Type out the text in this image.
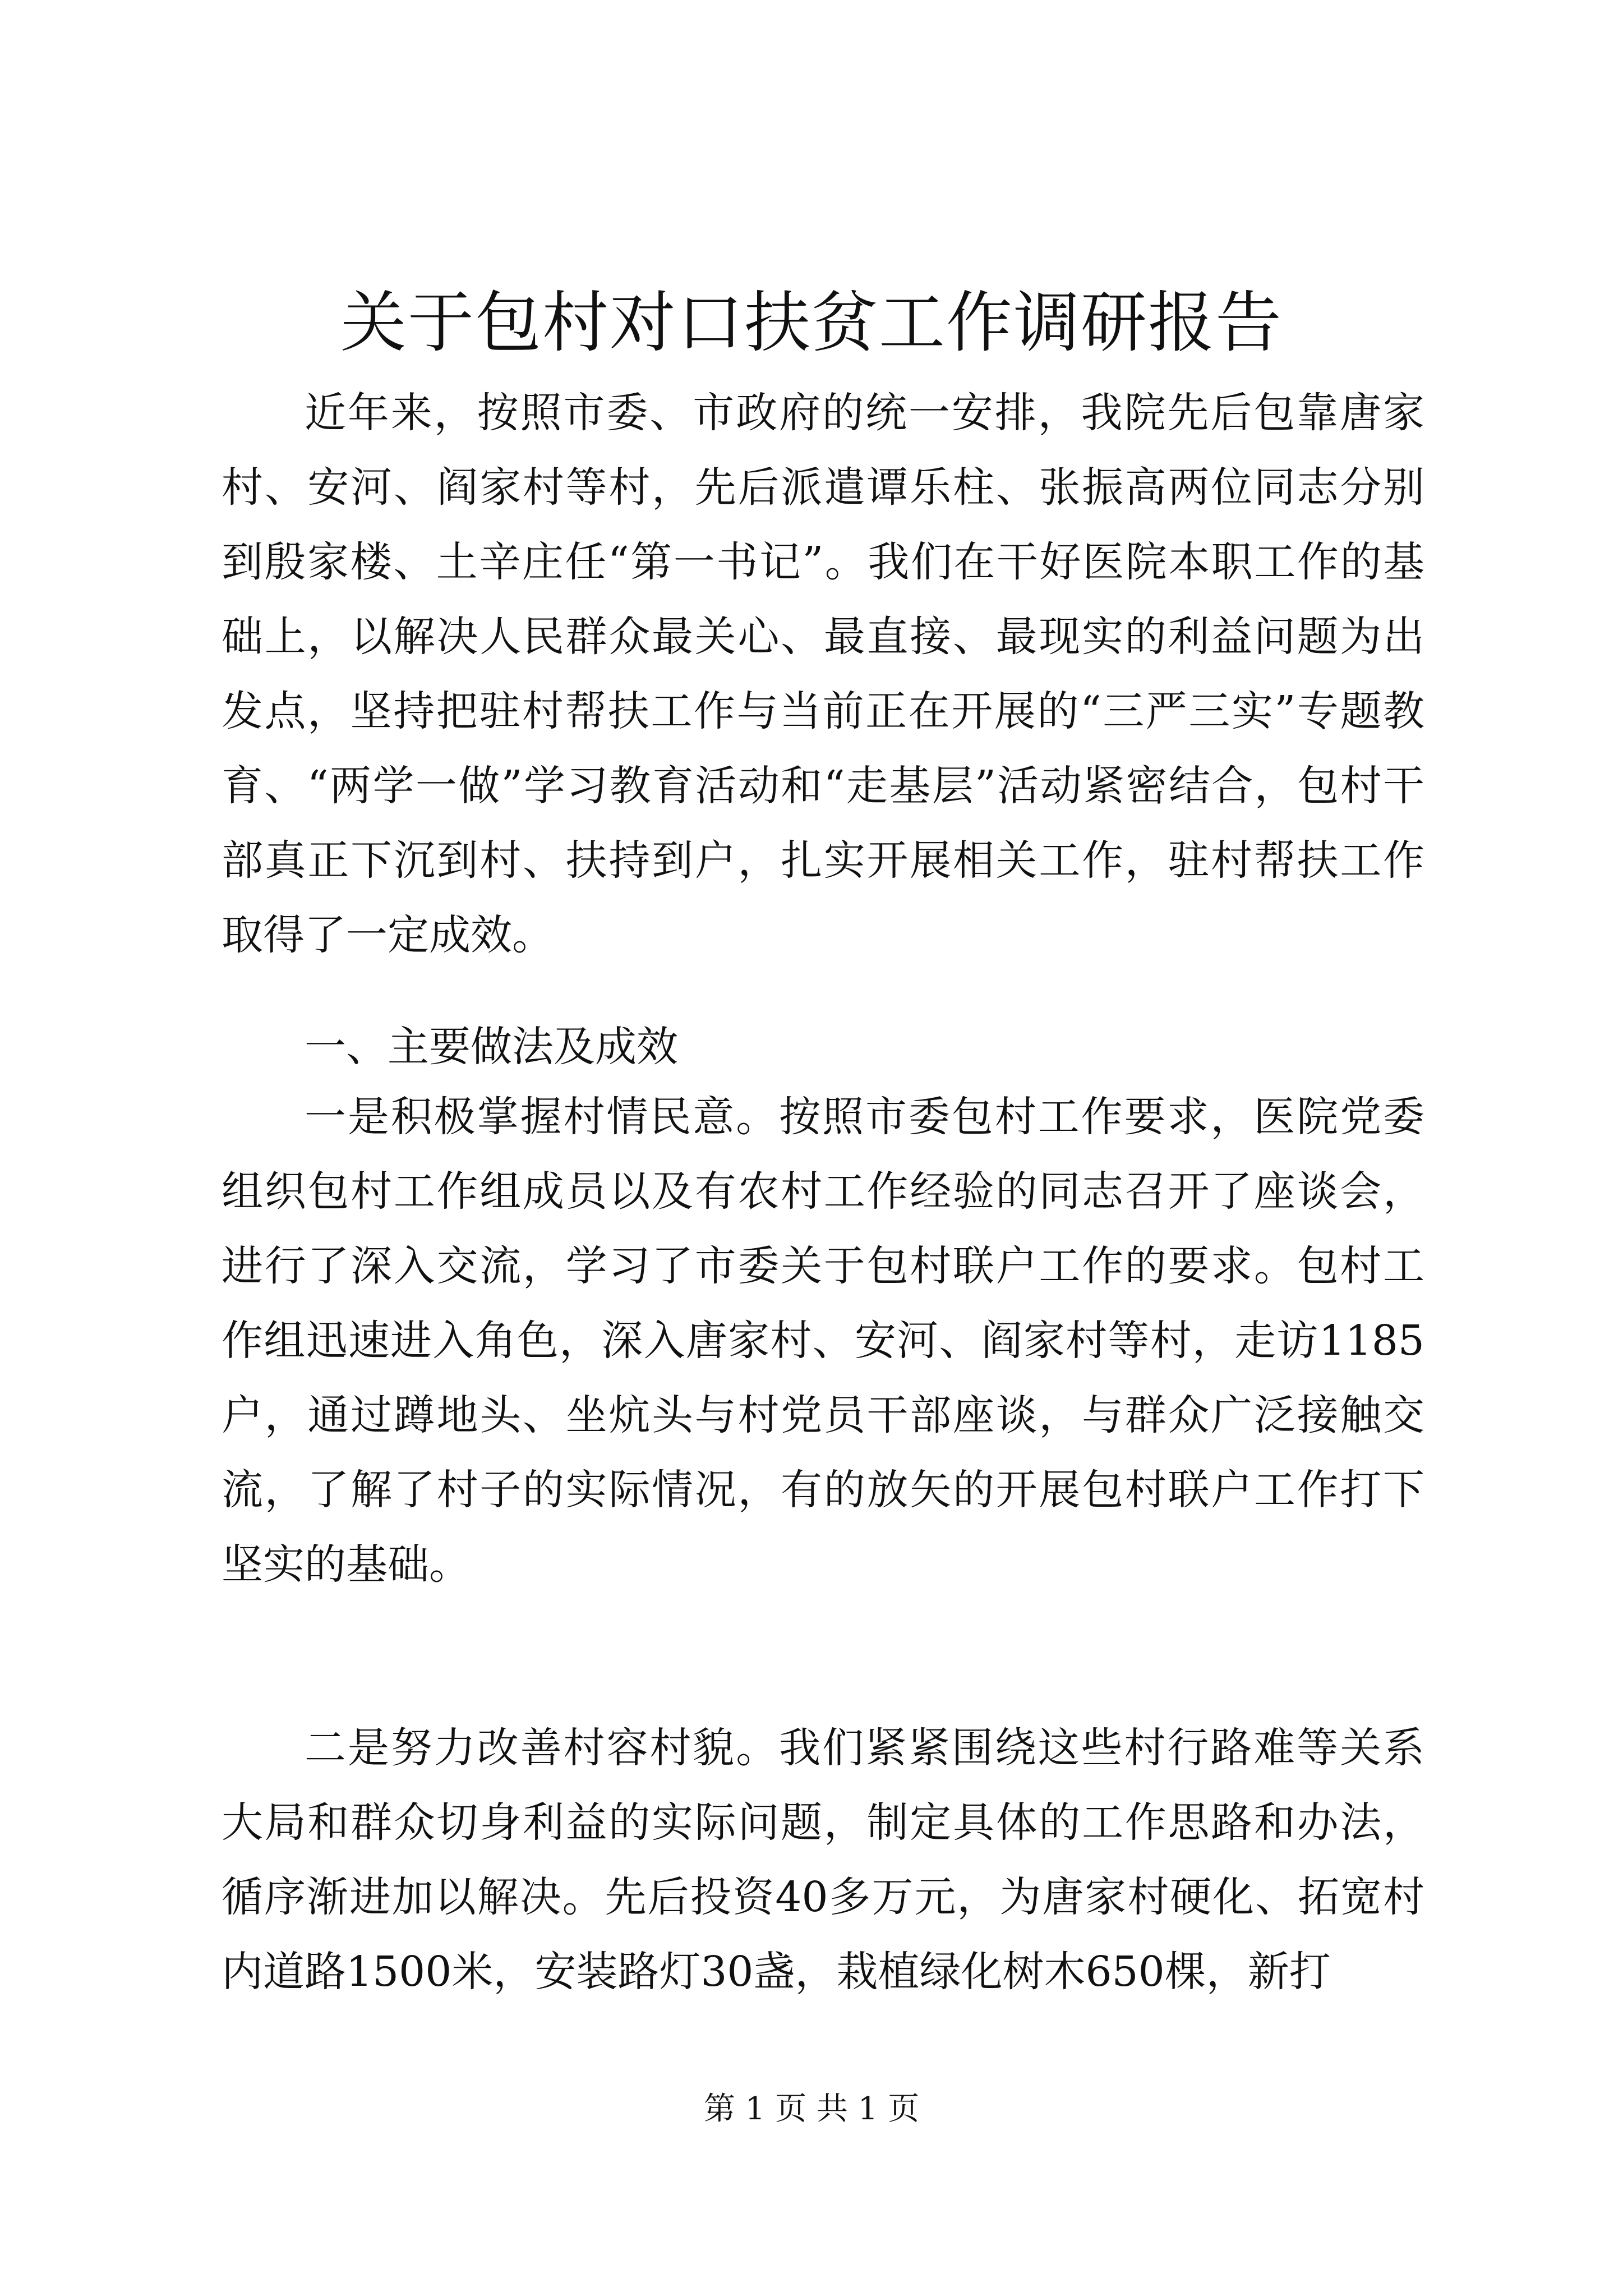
关于包村对口扶贫工作调研报告

近年来，按照市委、市政府的统一安排，我院先后包靠唐家村、安河、阎家村等村，先后派遣谭乐柱、张振高两位同志分别到殷家楼、土辛庄任“第一书记”。我们在干好医院本职工作的基础上，以解决人民群众最关心、最直接、最现实的利益问题为出发点，坚持把驻村帮扶工作与当前正在开展的“三严三实”专题教育、“两学一做”学习教育活动和“走基层”活动紧密结合，包村干部真正下沉到村、扶持到户，扎实开展相关工作，驻村帮扶工作取得了一定成效。

一、主要做法及成效

一是积极掌握村情民意。按照市委包村工作要求，医院党委组织包村工作组成员以及有农村工作经验的同志召开了座谈会，进行了深入交流，学习了市委关于包村联户工作的要求。包村工作组迅速进入角色，深入唐家村、安河、阎家村等村，走访1185户，通过蹲地头、坐炕头与村党员干部座谈，与群众广泛接触交流，了解了村子的实际情况，有的放矢的开展包村联户工作打下坚实的基础。

二是努力改善村容村貌。我们紧紧围绕这些村行路难等关系大局和群众切身利益的实际问题，制定具体的工作思路和办法，循序渐进加以解决。先后投资40多万元，为唐家村硬化、拓宽村内道路1500米，安装路灯30盏，栽植绿化树木650棵，新打

第 1 页 共 1 页
